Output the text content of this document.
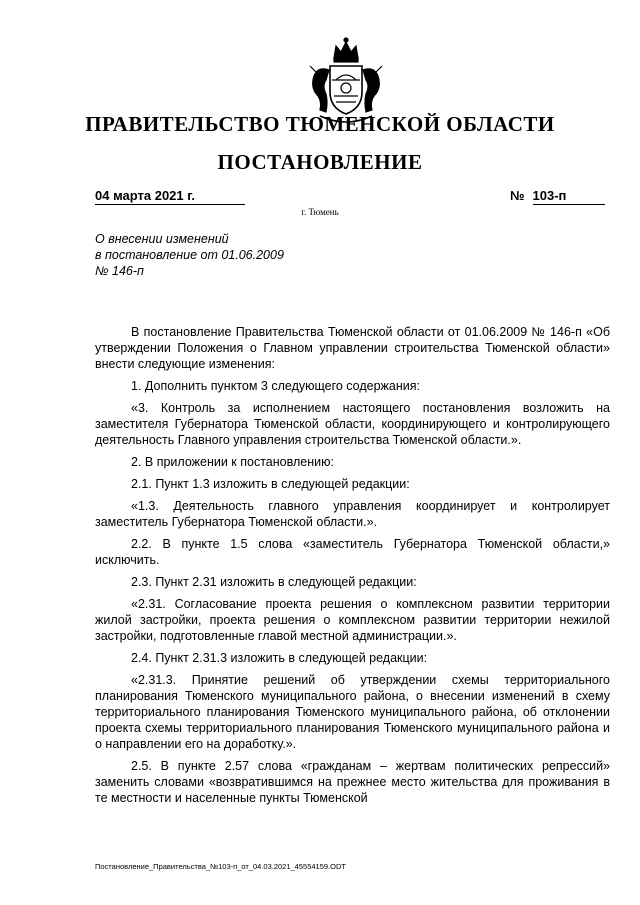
ПРАВИТЕЛЬСТВО ТЮМЕНСКОЙ ОБЛАСТИ
ПОСТАНОВЛЕНИЕ
04 марта 2021 г.	№ 103-п
г. Тюмень
О внесении изменений
в постановление от 01.06.2009
№ 146-п

В постановление Правительства Тюменской области от 01.06.2009 № 146-п «Об утверждении Положения о Главном управлении строительства Тюменской области» внести следующие изменения:

1. Дополнить пунктом 3 следующего содержания:

«3. Контроль за исполнением настоящего постановления возложить на заместителя Губернатора Тюменской области, координирующего и контролирующего деятельность Главного управления строительства Тюменской области.».

2. В приложении к постановлению:

2.1. Пункт 1.3 изложить в следующей редакции:

«1.3. Деятельность главного управления координирует и контролирует заместитель Губернатора Тюменской области.».

2.2. В пункте 1.5 слова «заместитель Губернатора Тюменской области,» исключить.

2.3. Пункт 2.31 изложить в следующей редакции:

«2.31. Согласование проекта решения о комплексном развитии территории жилой застройки, проекта решения о комплексном развитии территории нежилой застройки, подготовленные главой местной администрации.».

2.4. Пункт 2.31.3 изложить в следующей редакции:

«2.31.3. Принятие решений об утверждении схемы территориального планирования Тюменского муниципального района, о внесении изменений в схему территориального планирования Тюменского муниципального района, об отклонении проекта схемы территориального планирования Тюменского муниципального района и о направлении его на доработку.».

2.5. В пункте 2.57 слова «гражданам – жертвам политических репрессий» заменить словами «возвратившимся на прежнее место жительства для проживания в те местности и населенные пункты Тюменской

Постановление_Правительства_№103-п_от_04.03.2021_45554159.ODT
